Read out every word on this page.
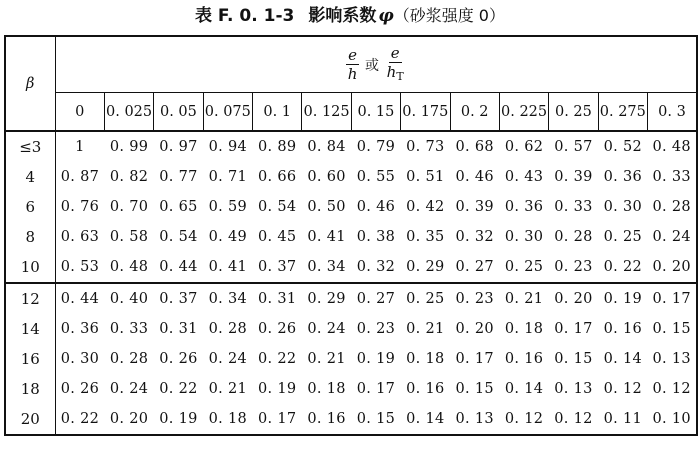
表 F. 0. 1-3 影响系数 φ（砂浆强度 0）
β	$\frac{e}{h}$ 或 $\frac{e}{h_T}$

	0	0. 025	0. 05	0. 075	0. 1	0. 125	0. 15	0. 175	0. 2	0. 225	0. 25	0. 275	0. 3
≤3	1	0. 99	0. 97	0. 94	0. 89	0. 84	0. 79	0. 73	0. 68	0. 62	0. 57	0. 52	0. 48
4	0. 87	0. 82	0. 77	0. 71	0. 66	0. 60	0. 55	0. 51	0. 46	0. 43	0. 39	0. 36	0. 33
6	0. 76	0. 70	0. 65	0. 59	0. 54	0. 50	0. 46	0. 42	0. 39	0. 36	0. 33	0. 30	0. 28
8	0. 63	0. 58	0. 54	0. 49	0. 45	0. 41	0. 38	0. 35	0. 32	0. 30	0. 28	0. 25	0. 24
10	0. 53	0. 48	0. 44	0. 41	0. 37	0. 34	0. 32	0. 29	0. 27	0. 25	0. 23	0. 22	0. 20
12	0. 44	0. 40	0. 37	0. 34	0. 31	0. 29	0. 27	0. 25	0. 23	0. 21	0. 20	0. 19	0. 17
14	0. 36	0. 33	0. 31	0. 28	0. 26	0. 24	0. 23	0. 21	0. 20	0. 18	0. 17	0. 16	0. 15
16	0. 30	0. 28	0. 26	0. 24	0. 22	0. 21	0. 19	0. 18	0. 17	0. 16	0. 15	0. 14	0. 13
18	0. 26	0. 24	0. 22	0. 21	0. 19	0. 18	0. 17	0. 16	0. 15	0. 14	0. 13	0. 12	0. 12
20	0. 22	0. 20	0. 19	0. 18	0. 17	0. 16	0. 15	0. 14	0. 13	0. 12	0. 12	0. 11	0. 10
